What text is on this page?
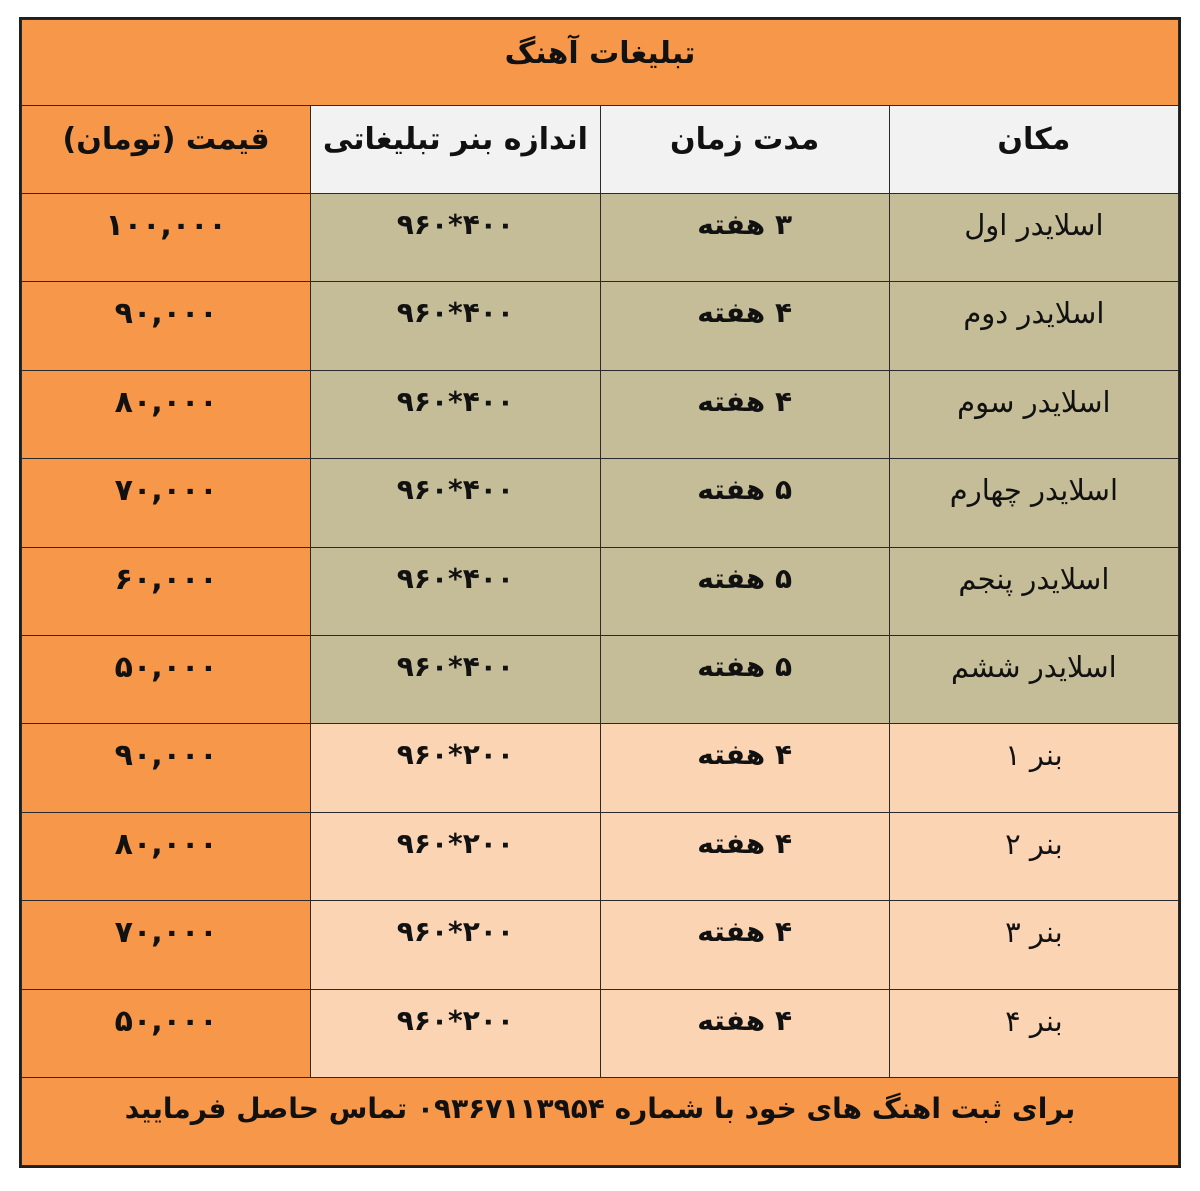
تبلیغات آهنگ			
مکان	مدت زمان	اندازه بنر تبلیغاتی	قیمت (تومان)
اسلایدر اول	۳ هفته	۹۶۰*۴۰۰	۱۰۰,۰۰۰
اسلایدر دوم	۴ هفته	۹۶۰*۴۰۰	۹۰,۰۰۰
اسلایدر سوم	۴ هفته	۹۶۰*۴۰۰	۸۰,۰۰۰
اسلایدر چهارم	۵ هفته	۹۶۰*۴۰۰	۷۰,۰۰۰
اسلایدر پنجم	۵ هفته	۹۶۰*۴۰۰	۶۰,۰۰۰
اسلایدر ششم	۵ هفته	۹۶۰*۴۰۰	۵۰,۰۰۰
بنر ۱	۴ هفته	۹۶۰*۲۰۰	۹۰,۰۰۰
بنر ۲	۴ هفته	۹۶۰*۲۰۰	۸۰,۰۰۰
بنر ۳	۴ هفته	۹۶۰*۲۰۰	۷۰,۰۰۰
بنر ۴	۴ هفته	۹۶۰*۲۰۰	۵۰,۰۰۰
برای ثبت اهنگ های خود با شماره ۰۹۳۶۷۱۱۳۹۵۴ تماس حاصل فرمایید			
